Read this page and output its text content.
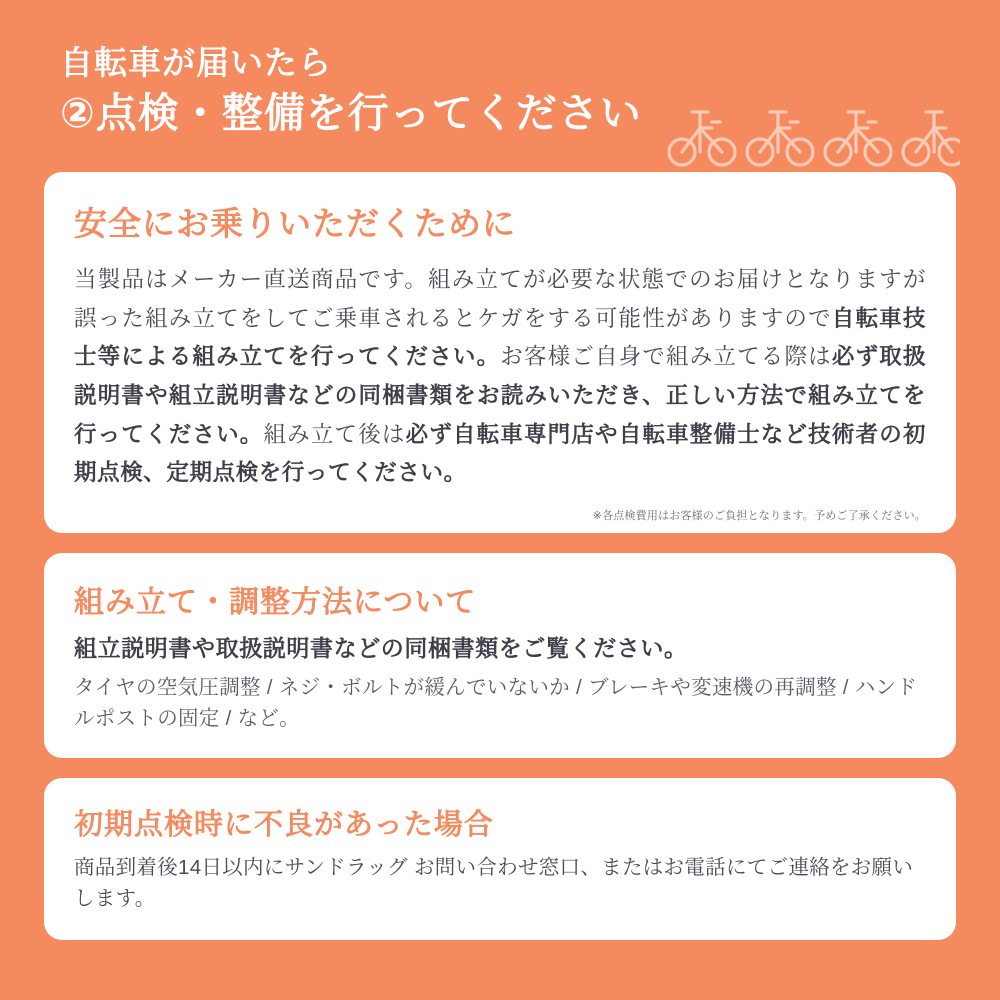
自転車が届いたら
②点検・整備を行ってください
安全にお乗りいただくために
当製品はメーカー直送商品です。組み立てが必要な状態でのお届けとなりますが誤った組み立てをしてご乗車されるとケガをする可能性がありますので自転車技士等による組み立てを行ってください。お客様ご自身で組み立てる際は必ず取扱説明書や組立説明書などの同梱書類をお読みいただき、正しい方法で組み立てを行ってください。組み立て後は必ず自転車専門店や自転車整備士など技術者の初期点検、定期点検を行ってください。
※各点検費用はお客様のご負担となります。予めご了承ください。
組み立て・調整方法について
組立説明書や取扱説明書などの同梱書類をご覧ください。
タイヤの空気圧調整 / ネジ・ボルトが緩んでいないか / ブレーキや変速機の再調整 / ハンドルポストの固定 / など。
初期点検時に不良があった場合
商品到着後14日以内にサンドラッグ お問い合わせ窓口、またはお電話にてご連絡をお願いします。
